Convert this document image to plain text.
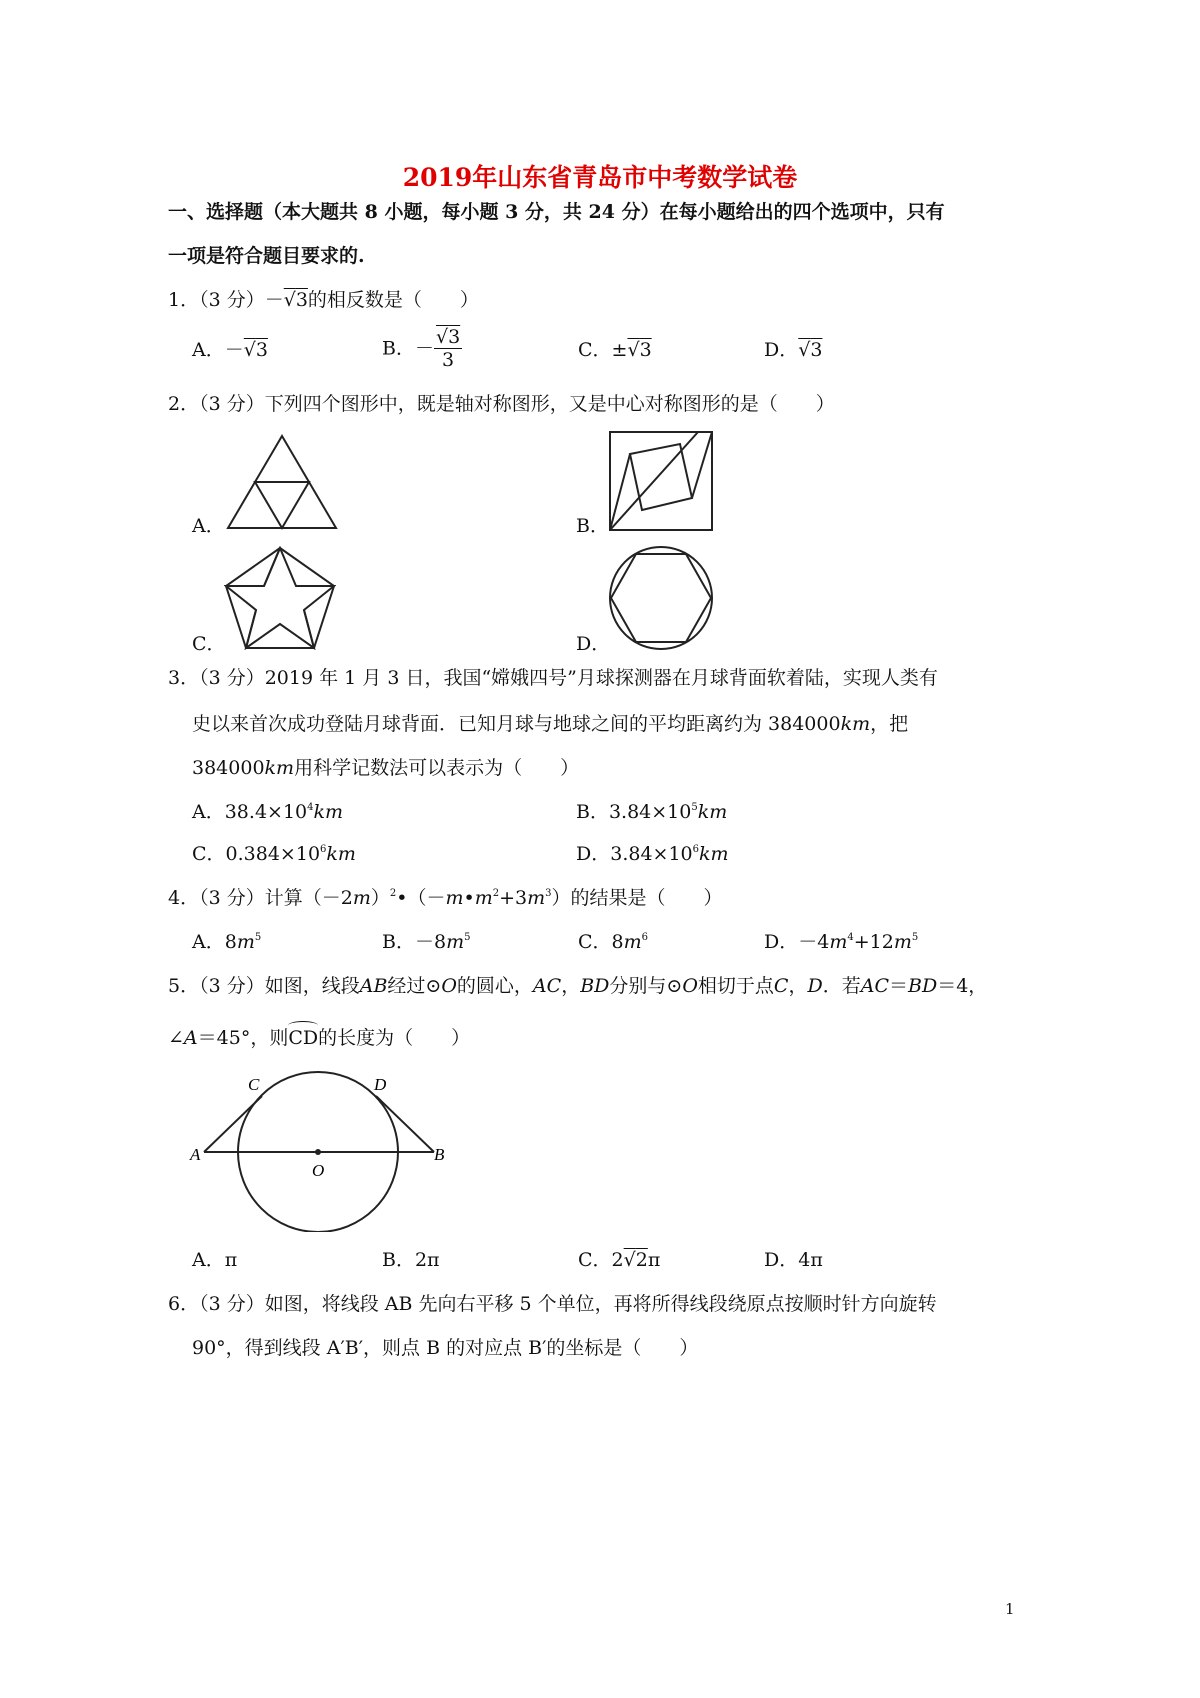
2019年山东省青岛市中考数学试卷
一、选择题（本大题共 8 小题，每小题 3 分，共 24 分）在每小题给出的四个选项中，只有
一项是符合题目要求的.
1．（3 分）－√3的相反数是（　　）
A．－√3	B．－ $\frac{√3}{3}$	C．±√3	D．√3
2．（3 分）下列四个图形中，既是轴对称图形，又是中心对称图形的是（　　）
A．	B．
C．	D．
3．（3 分）2019 年 1 月 3 日，我国“嫦娥四号”月球探测器在月球背面软着陆，实现人类有
史以来首次成功登陆月球背面．已知月球与地球之间的平均距离约为 384000km，把
384000km用科学记数法可以表示为（　　）
A．$38.4\times 10^4km$	B．$3.84\times 10^5km$
C．$0.384\times 10^6km$	D．$3.84\times 10^6km$
4．（3 分）计算$(-2m)^2•(-m•m^2+3m^3)$的结果是（　　）
A．$8m^5$	B．$-8m^5$	C．$8m^6$	D．$-4m^4+12m^5$
5．（3 分）如图，线段AB经过⊙O的圆心，AC，BD分别与⊙O相切于点C，D．若AC＝BD＝4，
∠A＝45°，则
CD的长度为（　　）
C	D
A
O
B
A．π	B．2π	C．2√2π	D．4π
6．（3 分）如图，将线段 AB 先向右平移 5 个单位，再将所得线段绕原点按顺时针方向旋转
90°，得到线段 A′B′，则点 B 的对应点 B′的坐标是（　　）
1
